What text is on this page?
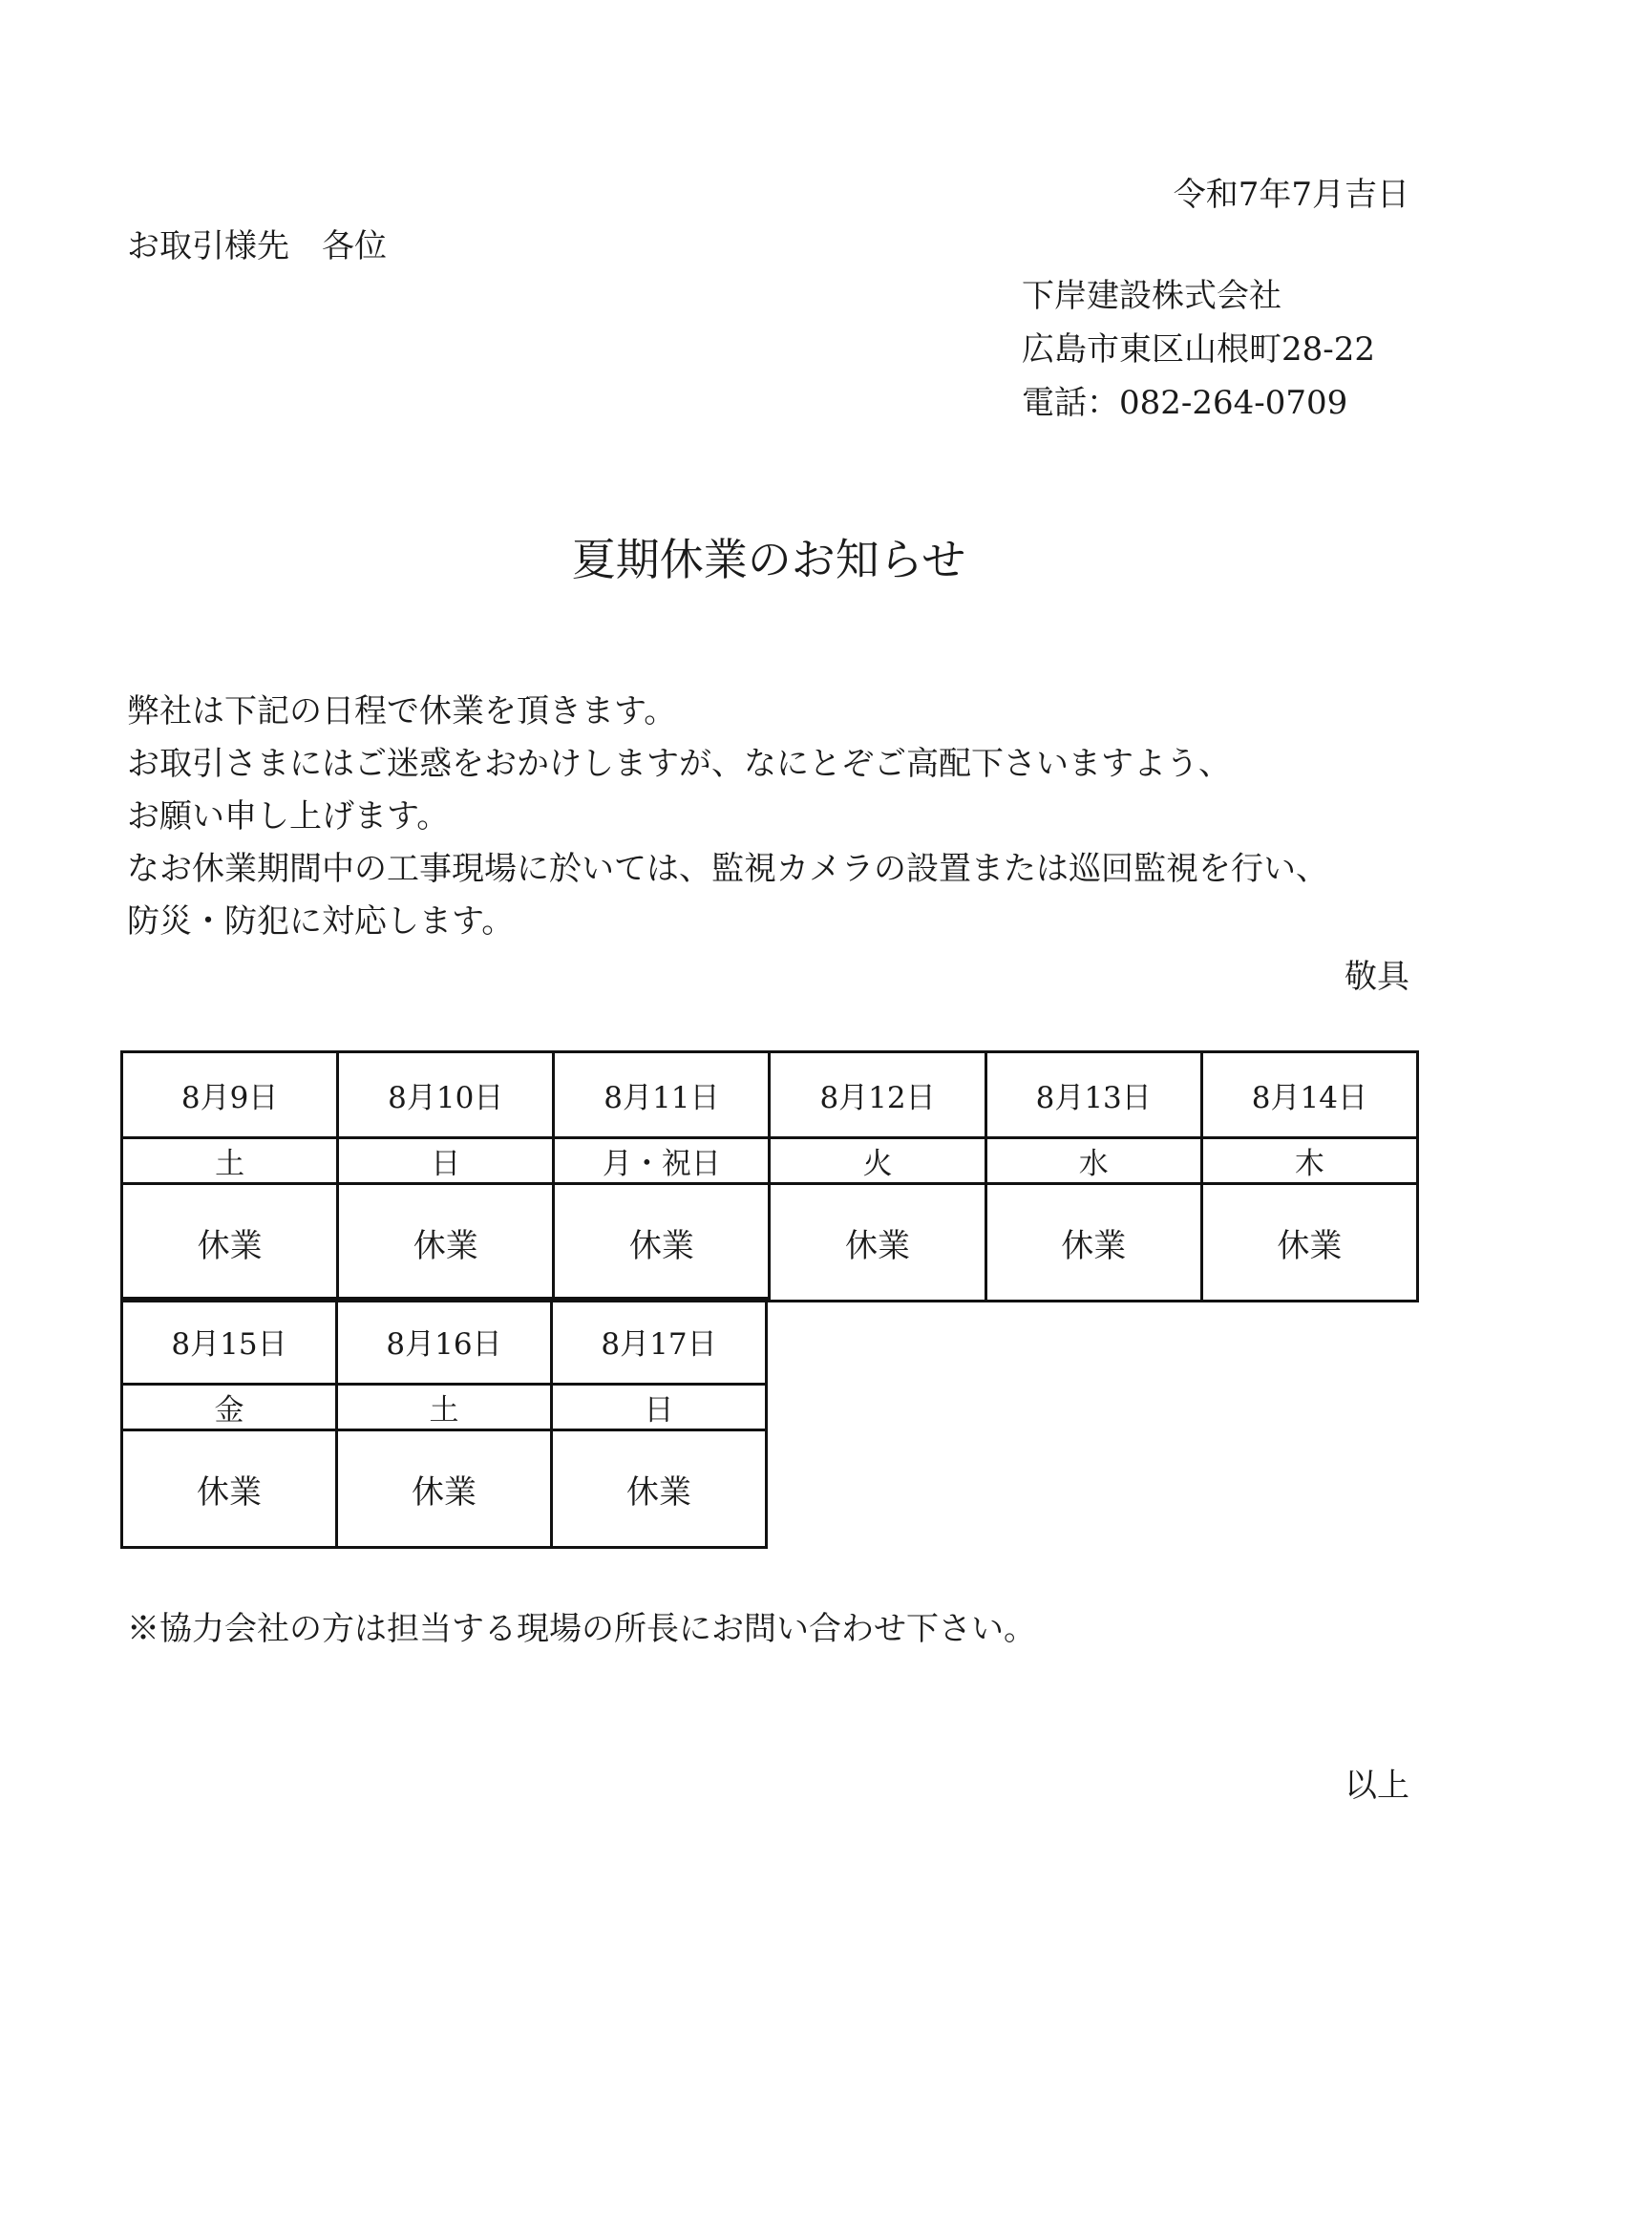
令和7年7月吉日
お取引様先　各位
下岸建設株式会社
広島市東区山根町28-22
電話：082-264-0709
夏期休業のお知らせ
弊社は下記の日程で休業を頂きます。
お取引さまにはご迷惑をおかけしますが、なにとぞご高配下さいますよう、
お願い申し上げます。
なお休業期間中の工事現場に於いては、監視カメラの設置または巡回監視を行い、
防災・防犯に対応します。
敬具
8月9日	8月10日	8月11日	8月12日	8月13日	8月14日
土	日	月・祝日	火	水	木
休業	休業	休業	休業	休業	休業
8月15日	8月16日	8月17日
金	土	日
休業	休業	休業
※協力会社の方は担当する現場の所長にお問い合わせ下さい。
以上
